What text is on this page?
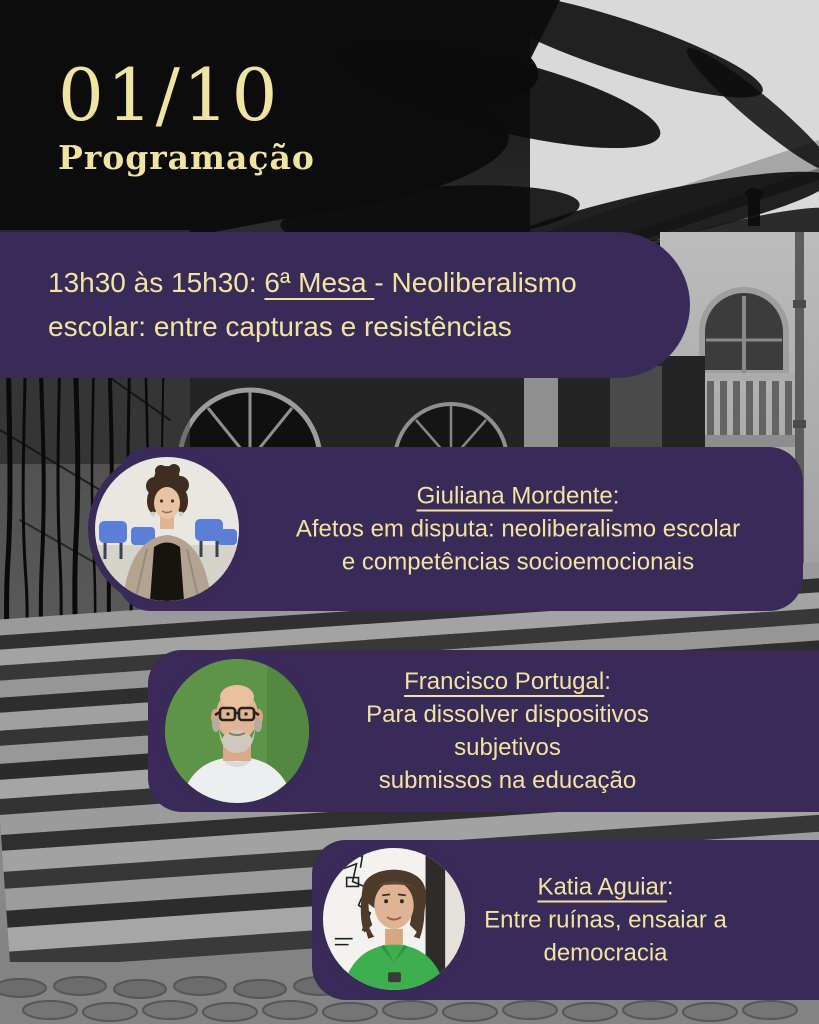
01/10
Programação
13h30 às 15h30: 6ª Mesa - Neoliberalismo
escolar: entre capturas e resistências
Giuliana Mordente:
Afetos em disputa: neoliberalismo escolar
e competências socioemocionais
Francisco Portugal:
Para dissolver dispositivos subjetivos
submissos na educação
Katia Aguiar:
Entre ruínas, ensaiar a
democracia
